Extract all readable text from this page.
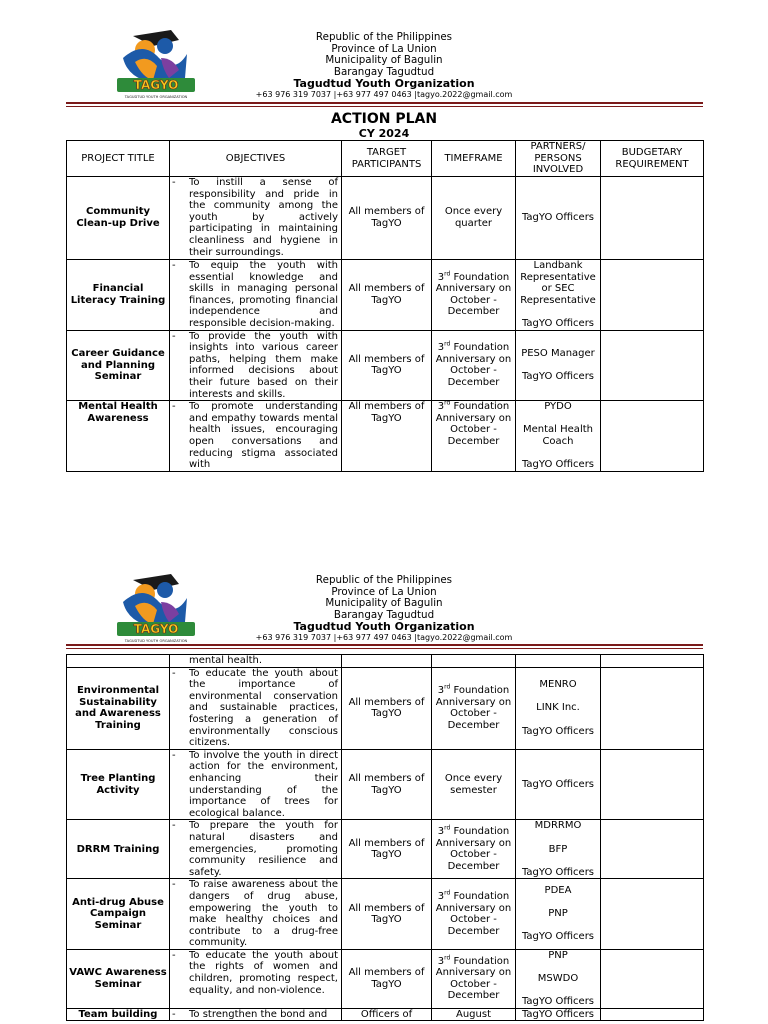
TAGYO
TAGUDTUD YOUTH ORGANIZATION
Republic of the Philippines
Province of La Union
Municipality of Bagulin
Barangay Tagudtud
Tagudtud Youth Organization
+63 976 319 7037 |+63 977 497 0463 |tagyo.2022@gmail.com
ACTION PLAN
CY 2024
PROJECT TITLE	OBJECTIVES	TARGET PARTICIPANTS	TIMEFRAME	PARTNERS/ PERSONS INVOLVED	BUDGETARY REQUIREMENT
Community Clean-up Drive	- To instill a sense of responsibility and pride in the community among the youth by actively participating in maintaining cleanliness and hygiene in their surroundings.	All members of TagYO	Once every quarter	TagYO Officers	

Financial Literacy Training	- To equip the youth with essential knowledge and skills in managing personal finances, promoting financial independence and responsible decision-making.	All members of TagYO	3rd Foundation Anniversary on October - December	Landbank Representative or SEC Representative

TagYO Officers	

Career Guidance and Planning Seminar	- To provide the youth with insights into various career paths, helping them make informed decisions about their future based on their interests and skills.	All members of TagYO	3rd Foundation Anniversary on October - December	PESO Manager

TagYO Officers	

Mental Health Awareness	- To promote understanding and empathy towards mental health issues, encouraging open conversations and reducing stigma associated with	All members of TagYO	3rd Foundation Anniversary on October - December	PYDO

Mental Health Coach

TagYO Officers	

TAGYO
TAGUDTUD YOUTH ORGANIZATION
Republic of the Philippines
Province of La Union
Municipality of Bagulin
Barangay Tagudtud
Tagudtud Youth Organization
+63 976 319 7037 |+63 977 497 0463 |tagyo.2022@gmail.com

	mental health.				

Environmental Sustainability and Awareness Training	- To educate the youth about the importance of environmental conservation and sustainable practices, fostering a generation of environmentally conscious citizens.	All members of TagYO	3rd Foundation Anniversary on October - December	MENRO

LINK Inc.

TagYO Officers	

Tree Planting Activity	- To involve the youth in direct action for the environment, enhancing their understanding of the importance of trees for ecological balance.	All members of TagYO	Once every semester	TagYO Officers	

DRRM Training	- To prepare the youth for natural disasters and emergencies, promoting community resilience and safety.	All members of TagYO	3rd Foundation Anniversary on October - December	MDRRMO

BFP

TagYO Officers	

Anti-drug Abuse Campaign Seminar	- To raise awareness about the dangers of drug abuse, empowering the youth to make healthy choices and contribute to a drug-free community.	All members of TagYO	3rd Foundation Anniversary on October - December	PDEA

PNP

TagYO Officers	

VAWC Awareness Seminar	- To educate the youth about the rights of women and children, promoting respect, equality, and non-violence.	All members of TagYO	3rd Foundation Anniversary on October - December	PNP

MSWDO

TagYO Officers	

Team building	- To strengthen the bond and	Officers of	August	TagYO Officers	
